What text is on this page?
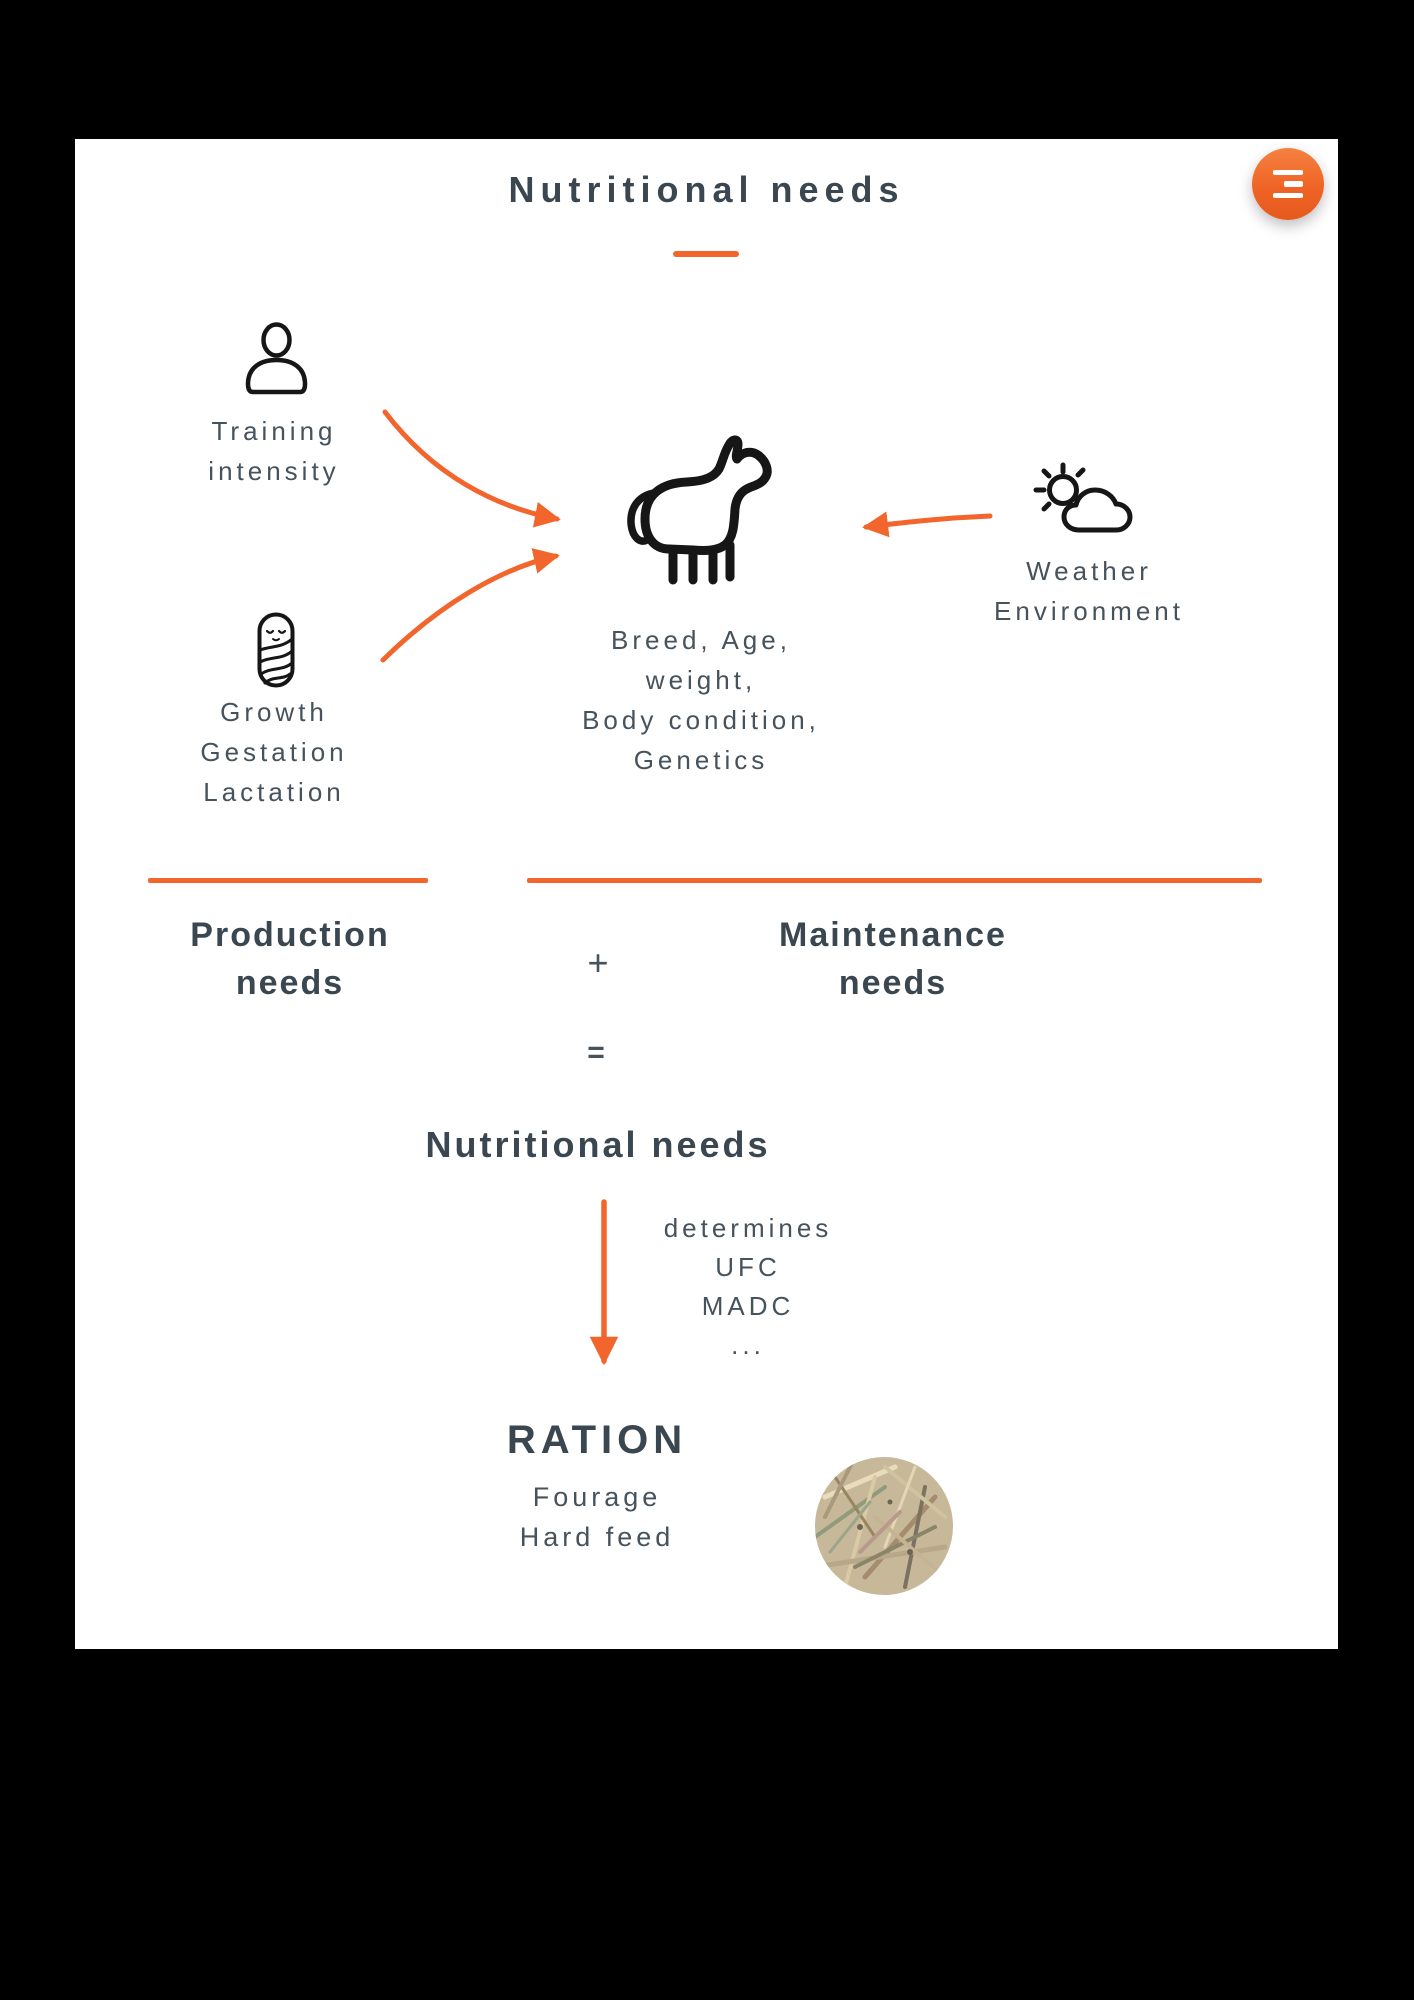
Nutritional needs
Training
intensity
Growth
Gestation
Lactation
Breed, Age,
weight,
Body condition,
Genetics
Weather
Environment
Production
needs	+
Maintenance
needs
=
Nutritional needs
determines
UFC
MADC
...
RATION
Fourage
Hard feed
